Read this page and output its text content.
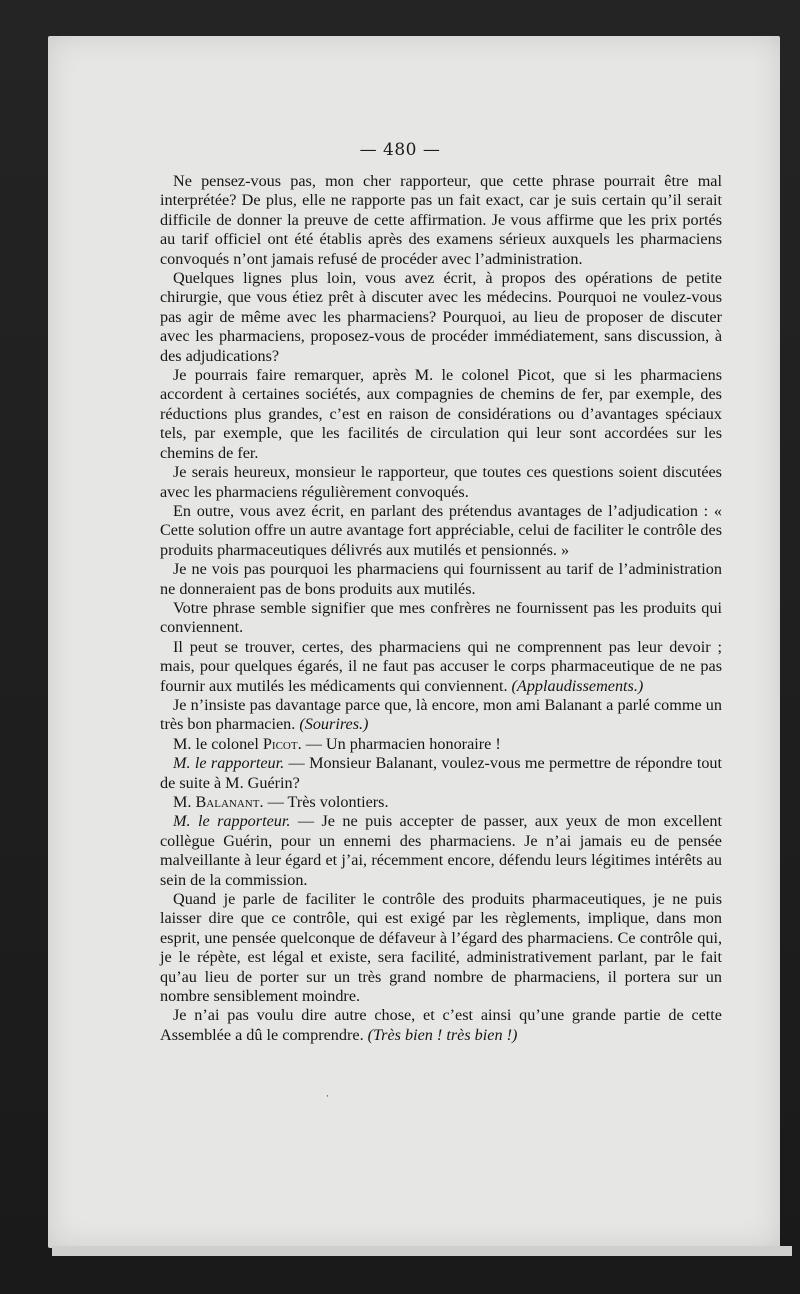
— 480 —

Ne pensez-vous pas, mon cher rapporteur, que cette phrase pourrait être mal interprétée? De plus, elle ne rapporte pas un fait exact, car je suis certain qu’il serait difficile de donner la preuve de cette affirmation. Je vous affirme que les prix portés au tarif officiel ont été établis après des examens sérieux auxquels les pharmaciens convoqués n’ont jamais refusé de procéder avec l’administration.

Quelques lignes plus loin, vous avez écrit, à propos des opérations de petite chirurgie, que vous étiez prêt à discuter avec les médecins. Pourquoi ne voulez-vous pas agir de même avec les pharmaciens? Pourquoi, au lieu de proposer de discuter avec les pharmaciens, proposez-vous de procéder immédiatement, sans discussion, à des adjudications?

Je pourrais faire remarquer, après M. le colonel Picot, que si les pharmaciens accordent à certaines sociétés, aux compagnies de chemins de fer, par exemple, des réductions plus grandes, c’est en raison de considérations ou d’avantages spéciaux tels, par exemple, que les facilités de circulation qui leur sont accordées sur les chemins de fer.

Je serais heureux, monsieur le rapporteur, que toutes ces questions soient discutées avec les pharmaciens régulièrement convoqués.

En outre, vous avez écrit, en parlant des prétendus avantages de l’adjudication : « Cette solution offre un autre avantage fort appréciable, celui de faciliter le contrôle des produits pharmaceutiques délivrés aux mutilés et pensionnés. »

Je ne vois pas pourquoi les pharmaciens qui fournissent au tarif de l’administration ne donneraient pas de bons produits aux mutilés.

Votre phrase semble signifier que mes confrères ne fournissent pas les produits qui conviennent.

Il peut se trouver, certes, des pharmaciens qui ne comprennent pas leur devoir ; mais, pour quelques égarés, il ne faut pas accuser le corps pharmaceutique de ne pas fournir aux mutilés les médicaments qui conviennent. (Applaudissements.)

Je n’insiste pas davantage parce que, là encore, mon ami Balanant a parlé comme un très bon pharmacien. (Sourires.)

M. le colonel Picot. — Un pharmacien honoraire !

M. le rapporteur. — Monsieur Balanant, voulez-vous me permettre de répondre tout de suite à M. Guérin?

M. Balanant. — Très volontiers.

M. le rapporteur. — Je ne puis accepter de passer, aux yeux de mon excellent collègue Guérin, pour un ennemi des pharmaciens. Je n’ai jamais eu de pensée malveillante à leur égard et j’ai, récemment encore, défendu leurs légitimes intérêts au sein de la commission.

Quand je parle de faciliter le contrôle des produits pharmaceutiques, je ne puis laisser dire que ce contrôle, qui est exigé par les règlements, implique, dans mon esprit, une pensée quelconque de défaveur à l’égard des pharmaciens. Ce contrôle qui, je le répète, est légal et existe, sera facilité, administrativement parlant, par le fait qu’au lieu de porter sur un très grand nombre de pharmaciens, il portera sur un nombre sensiblement moindre.

Je n’ai pas voulu dire autre chose, et c’est ainsi qu’une grande partie de cette Assemblée a dû le comprendre. (Très bien ! très bien !)

·
